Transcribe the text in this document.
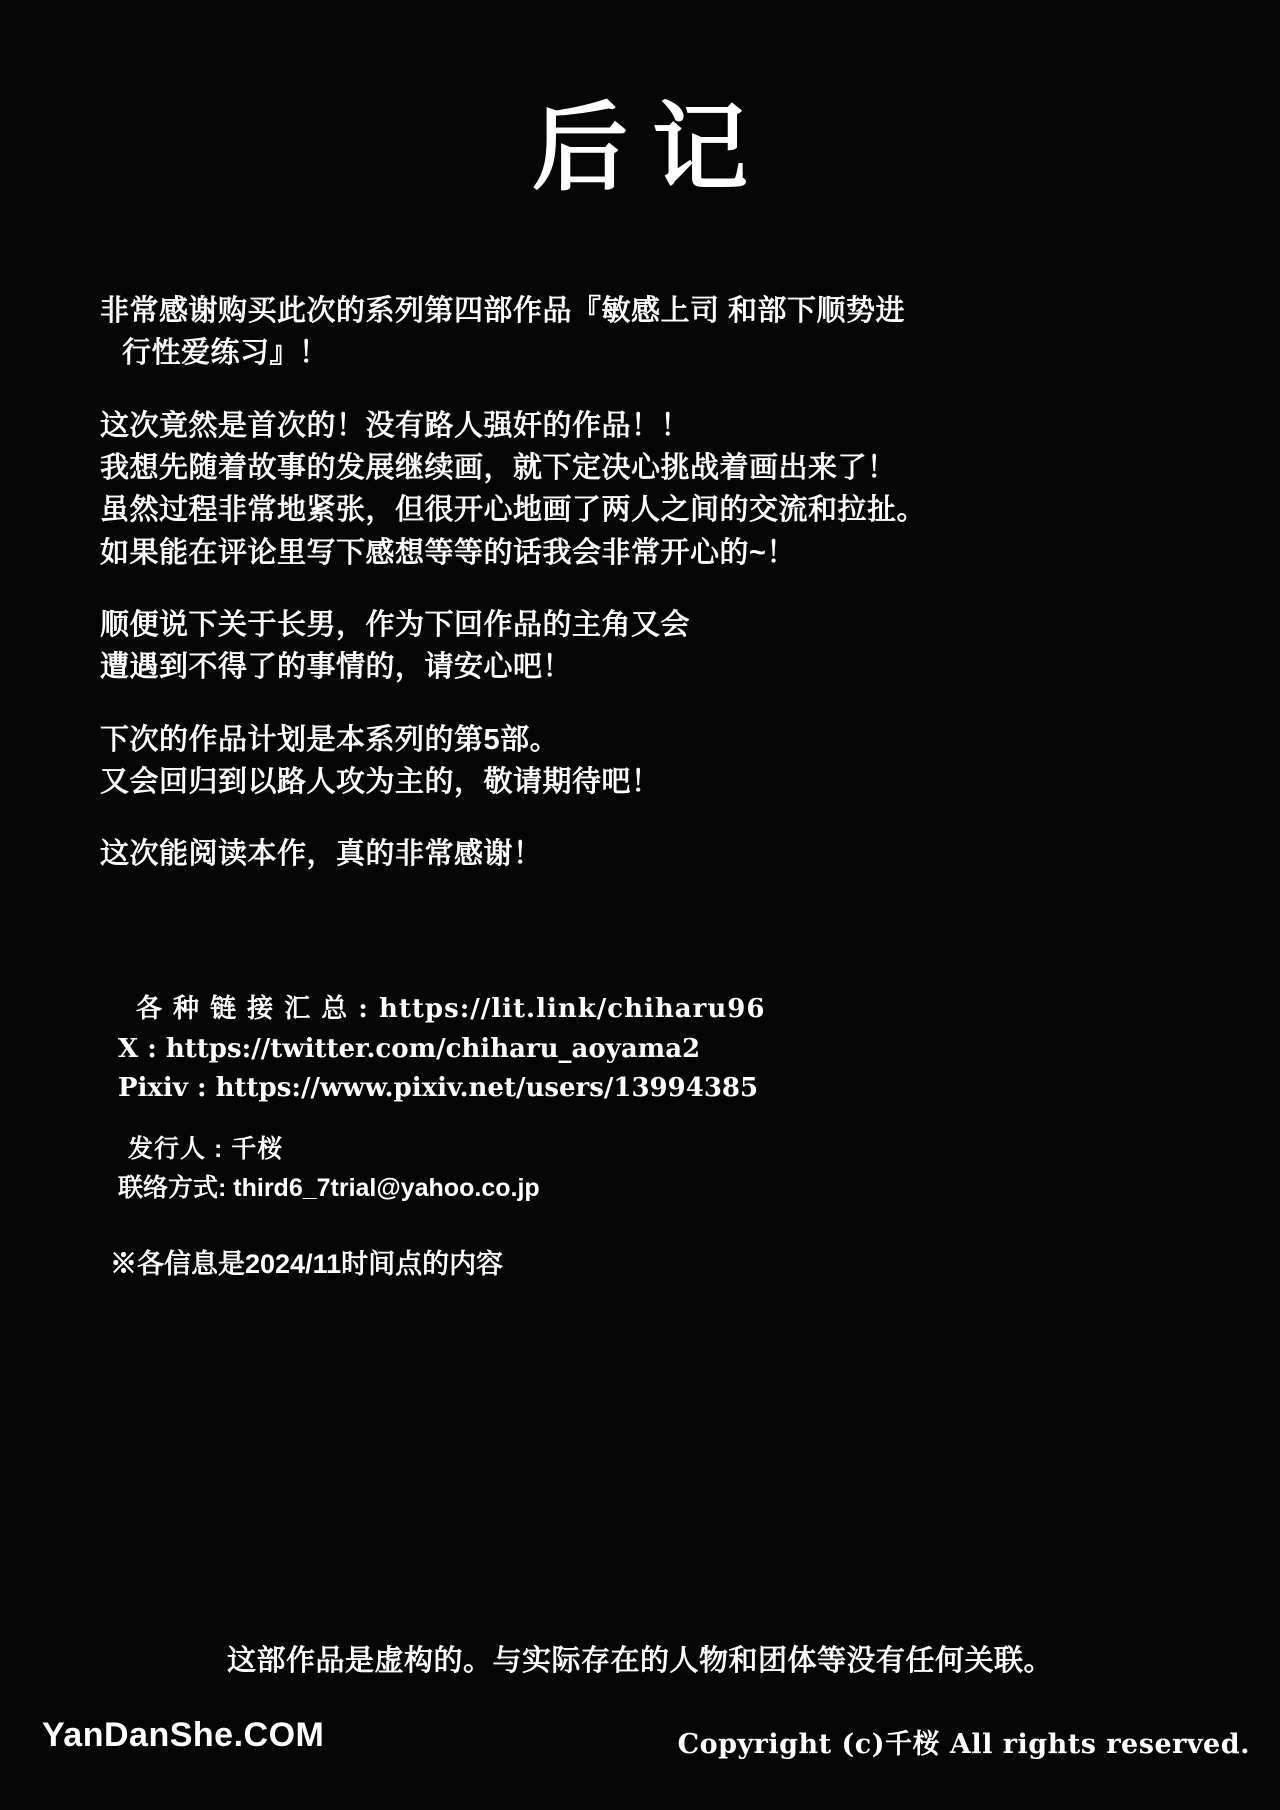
后记

非常感谢购买此次的系列第四部作品『敏感上司 和部下顺势进

行性爱练习』！

这次竟然是首次的！没有路人强奸的作品！！
我想先随着故事的发展继续画，就下定决心挑战着画出来了！
虽然过程非常地紧张，但很开心地画了两人之间的交流和拉扯。
如果能在评论里写下感想等等的话我会非常开心的~！

顺便说下关于长男，作为下回作品的主角又会
遭遇到不得了的事情的，请安心吧！

下次的作品计划是本系列的第5部。
又会回归到以路人攻为主的，敬请期待吧！

这次能阅读本作，真的非常感谢！

各 种 链 接 汇 总 : https://lit.link/chiharu96
X : https://twitter.com/chiharu_aoyama2
Pixiv : https://www.pixiv.net/users/13994385
发行人 : 千桜
联络方式: third6_7trial@yahoo.co.jp
※各信息是2024/11时间点的内容
这部作品是虚构的。与实际存在的人物和团体等没有任何关联。
Copyright (c)千桜 All rights reserved.
YanDanShe.COM
